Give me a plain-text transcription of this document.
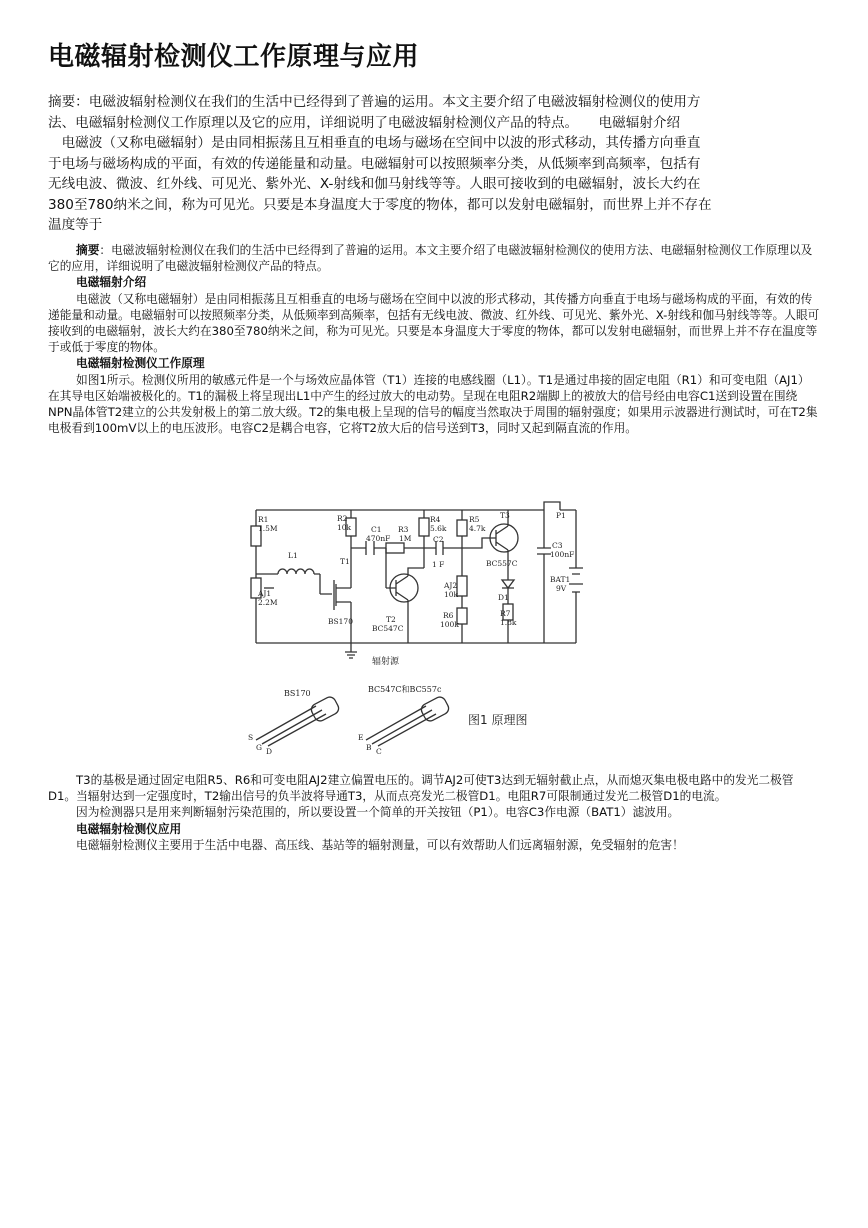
电磁辐射检测仪工作原理与应用

摘要：电磁波辐射检测仪在我们的生活中已经得到了普遍的运用。本文主要介绍了电磁波辐射检测仪的使用方

法、电磁辐射检测仪工作原理以及它的应用，详细说明了电磁波辐射检测仪产品的特点。　　电磁辐射介绍

　电磁波（又称电磁辐射）是由同相振荡且互相垂直的电场与磁场在空间中以波的形式移动，其传播方向垂直

于电场与磁场构成的平面，有效的传递能量和动量。电磁辐射可以按照频率分类，从低频率到高频率，包括有

无线电波、微波、红外线、可见光、紫外光、X-射线和伽马射线等等。人眼可接收到的电磁辐射，波长大约在

380至780纳米之间，称为可见光。只要是本身温度大于零度的物体，都可以发射电磁辐射，而世界上并不存在

温度等于

摘要：电磁波辐射检测仪在我们的生活中已经得到了普遍的运用。本文主要介绍了电磁波辐射检测仪的使用方法、电磁辐射检测仪工作原理以及它的应用，详细说明了电磁波辐射检测仪产品的特点。

电磁辐射介绍

电磁波（又称电磁辐射）是由同相振荡且互相垂直的电场与磁场在空间中以波的形式移动，其传播方向垂直于电场与磁场构成的平面，有效的传递能量和动量。电磁辐射可以按照频率分类，从低频率到高频率，包括有无线电波、微波、红外线、可见光、紫外光、X-射线和伽马射线等等。人眼可接收到的电磁辐射，波长大约在380至780纳米之间，称为可见光。只要是本身温度大于零度的物体，都可以发射电磁辐射，而世界上并不存在温度等于或低于零度的物体。

电磁辐射检测仪工作原理

如图1所示。检测仪所用的敏感元件是一个与场效应晶体管（T1）连接的电感线圈（L1）。T1是通过串接的固定电阻（R1）和可变电阻（AJ1）在其导电区始端被极化的。T1的漏极上将呈现出L1中产生的经过放大的电动势。呈现在电阻R2端脚上的被放大的信号经由电容C1送到设置在围绕NPN晶体管T2建立的公共发射极上的第二放大级。T2的集电极上呈现的信号的幅度当然取决于周围的辐射强度；如果用示波器进行测试时，可在T2集电极看到100mV以上的电压波形。电容C2是耦合电容，它将T2放大后的信号送到T3，同时又起到隔直流的作用。

R1
1.5M
R2
10k	C1
470nF
R3
1M
R4
5.6k
C2
1 F
R5
4.7k
T3
BC557C
P1
C3
100nF
L1
T1
BS170
AJ1
2.2M
T2
BC547C
AJ2
10k	D1
BAT1
9V
R6
100k
R7
1.8k
辐射源
BS170	BC547C和BC557c
S
G D
E
B C
图1 原理图

T3的基极是通过固定电阻R5、R6和可变电阻AJ2建立偏置电压的。调节AJ2可使T3达到无辐射截止点，从而熄灭集电极电路中的发光二极管D1。当辐射达到一定强度时，T2输出信号的负半波将导通T3，从而点亮发光二极管D1。电阻R7可限制通过发光二极管D1的电流。

因为检测器只是用来判断辐射污染范围的，所以要设置一个简单的开关按钮（P1）。电容C3作电源（BAT1）滤波用。

电磁辐射检测仪应用

电磁辐射检测仪主要用于生活中电器、高压线、基站等的辐射测量，可以有效帮助人们远离辐射源，免受辐射的危害！
